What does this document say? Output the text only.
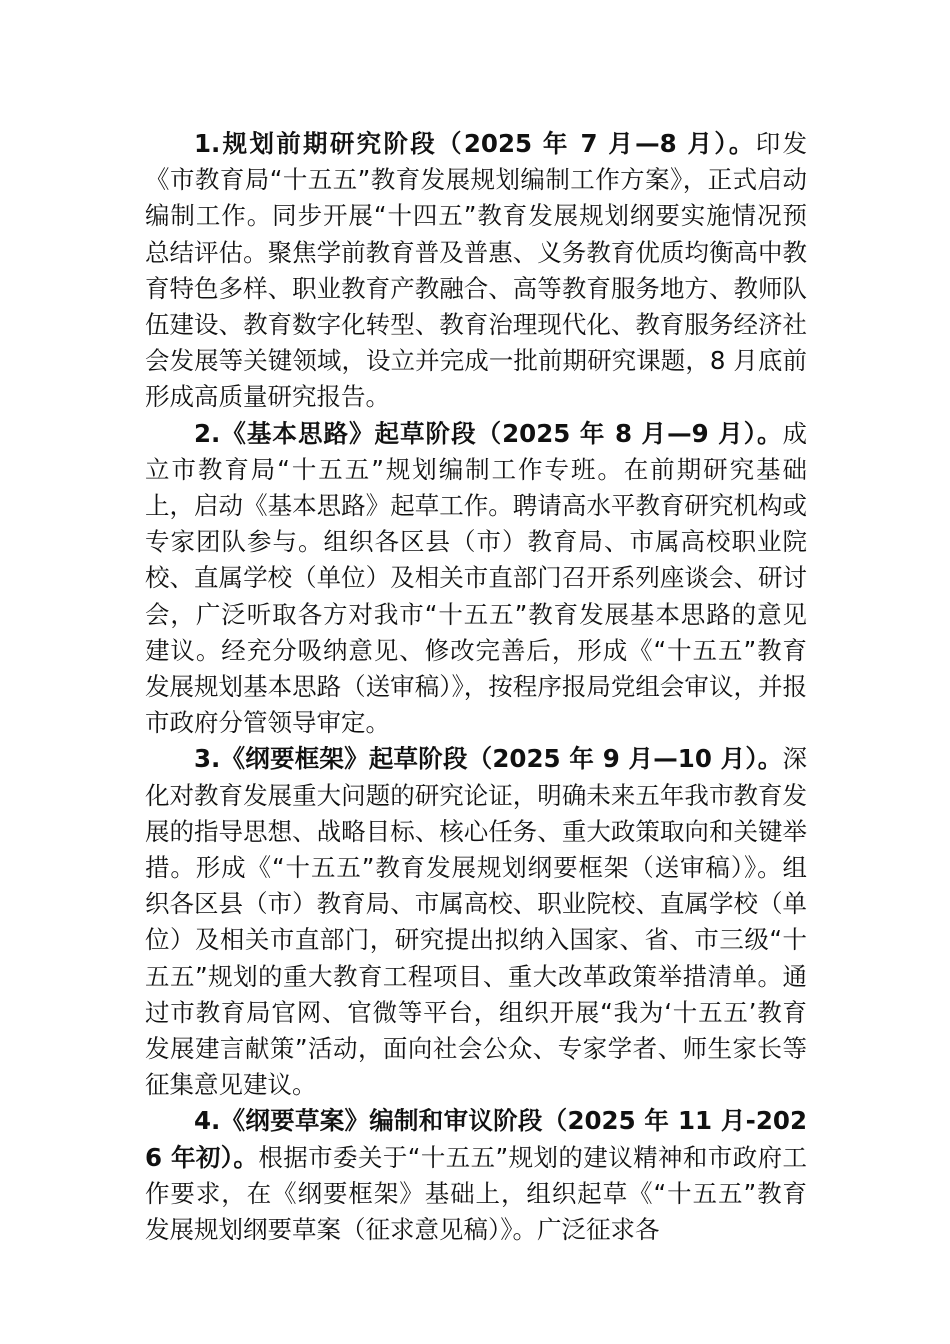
1.规划前期研究阶段（2025 年 7 月—8 月）。印发《市教育局“十五五”教育发展规划编制工作方案》，正式启动编制工作。同步开展“十四五”教育发展规划纲要实施情况预总结评估。聚焦学前教育普及普惠、义务教育优质均衡高中教育特色多样、职业教育产教融合、高等教育服务地方、教师队伍建设、教育数字化转型、教育治理现代化、教育服务经济社会发展等关键领域，设立并完成一批前期研究课题，8 月底前形成高质量研究报告。

2.《基本思路》起草阶段（2025 年 8 月—9 月）。成立市教育局“十五五”规划编制工作专班。在前期研究基础上，启动《基本思路》起草工作。聘请高水平教育研究机构或专家团队参与。组织各区县（市）教育局、市属高校职业院校、直属学校（单位）及相关市直部门召开系列座谈会、研讨会，广泛听取各方对我市“十五五”教育发展基本思路的意见建议。经充分吸纳意见、修改完善后，形成《“十五五”教育发展规划基本思路（送审稿）》，按程序报局党组会审议，并报市政府分管领导审定。

3.《纲要框架》起草阶段（2025 年 9 月—10 月）。深化对教育发展重大问题的研究论证，明确未来五年我市教育发展的指导思想、战略目标、核心任务、重大政策取向和关键举措。形成《“十五五”教育发展规划纲要框架（送审稿）》。组织各区县（市）教育局、市属高校、职业院校、直属学校（单位）及相关市直部门，研究提出拟纳入国家、省、市三级“十五五”规划的重大教育工程项目、重大改革政策举措清单。通过市教育局官网、官微等平台，组织开展“我为‘十五五’教育发展建言献策”活动，面向社会公众、专家学者、师生家长等征集意见建议。

4.《纲要草案》编制和审议阶段（2025 年 11 月-2026 年初）。根据市委关于“十五五”规划的建议精神和市政府工作要求，在《纲要框架》基础上，组织起草《“十五五”教育发展规划纲要草案（征求意见稿）》。广泛征求各
